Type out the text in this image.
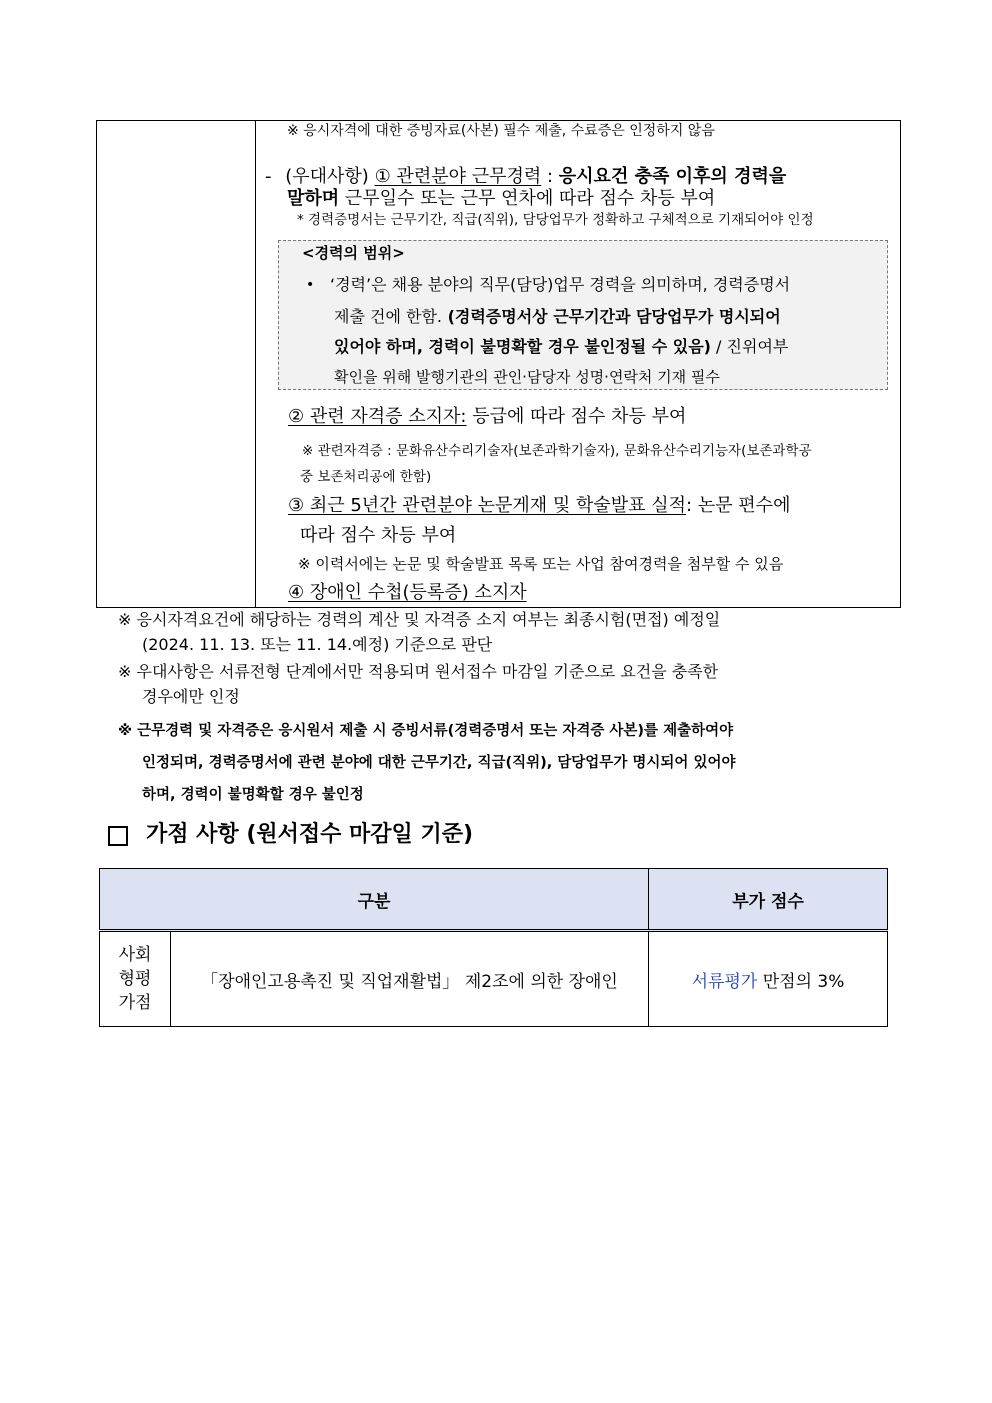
※ 응시자격에 대한 증빙자료(사본) 필수 제출, 수료증은 인정하지 않음
- (우대사항) ① 관련분야 근무경력 : 응시요건 충족 이후의 경력을
말하며 근무일수 또는 근무 연차에 따라 점수 차등 부여
* 경력증명서는 근무기간, 직급(직위), 담당업무가 정확하고 구체적으로 기재되어야 인정
<경력의 범위>
• ‘경력’은 채용 분야의 직무(담당)업무 경력을 의미하며, 경력증명서
제출 건에 한함. (경력증명서상 근무기간과 담당업무가 명시되어
있어야 하며, 경력이 불명확할 경우 불인정될 수 있음) / 진위여부
확인을 위해 발행기관의 관인·담당자 성명·연락처 기재 필수
② 관련 자격증 소지자: 등급에 따라 점수 차등 부여
※ 관련자격증 : 문화유산수리기술자(보존과학기술자), 문화유산수리기능자(보존과학공
중 보존처리공에 한함)
③ 최근 5년간 관련분야 논문게재 및 학술발표 실적: 논문 편수에
따라 점수 차등 부여
※ 이력서에는 논문 및 학술발표 목록 또는 사업 참여경력을 첨부할 수 있음
④ 장애인 수첩(등록증) 소지자
※ 응시자격요건에 해당하는 경력의 계산 및 자격증 소지 여부는 최종시험(면접) 예정일
(2024. 11. 13. 또는 11. 14.예정) 기준으로 판단
※ 우대사항은 서류전형 단계에서만 적용되며 원서접수 마감일 기준으로 요건을 충족한
경우에만 인정
※ 근무경력 및 자격증은 응시원서 제출 시 증빙서류(경력증명서 또는 자격증 사본)를 제출하여야
인정되며, 경력증명서에 관련 분야에 대한 근무기간, 직급(직위), 담당업무가 명시되어 있어야
하며, 경력이 불명확할 경우 불인정
가점 사항 (원서접수 마감일 기준)
구분		부가 점수

사회
형평
가점	「장애인고용촉진 및 직업재활법」 제2조에 의한 장애인	서류평가 만점의 3%
